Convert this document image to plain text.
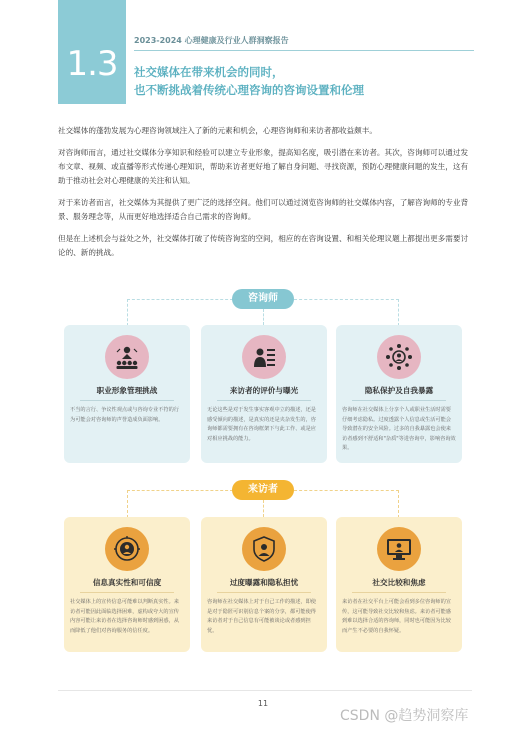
1.3
2023-2024 心理健康及行业人群洞察报告
社交媒体在带来机会的同时，
也不断挑战着传统心理咨询的咨询设置和伦理

社交媒体的蓬勃发展为心理咨询领域注入了新的元素和机会，心理咨询师和来访者都收益颇丰。

对咨询师而言，通过社交媒体分享知识和经验可以建立专业形象，提高知名度，吸引潜在来访者。其次，咨询师可以通过发布文章、视频、或直播等形式传递心理知识，帮助来访者更好地了解自身问题、寻找资源，预防心理健康问题的发生，这有助于推动社会对心理健康的关注和认知。

对于来访者而言，社交媒体为其提供了更广泛的选择空间。他们可以通过浏览咨询师的社交媒体内容，了解咨询师的专业背景、服务理念等，从而更好地选择适合自己需求的咨询师。

但是在上述机会与益处之外，社交媒体打破了传统咨询室的空间，相应的在咨询设置、和相关伦理议题上都提出更多需要讨论的、新的挑战。

咨询师
职业形象管理挑战
不当的言行、争议性观点或与咨询专业不符的行为可能会对咨询师的声誉造成负面影响。
来访者的评价与曝光
无论这些是对于发生事实客观中立的描述，还是感受倾向的描述，是真实的还是夹杂发生的，咨询师都需要拥有在咨询框架下与此工作、或是应对相应挑战的能力。
隐私保护及自我暴露
咨询师在社交媒体上分享个人或职业生活时需要仔细考虑隐私。过度透露个人信息或生活可能会导致潜在的安全风险。过多的自我暴露也会使来访者感到不舒适和"杂质"等进咨询中，影响咨询效果。
来访者
信息真实性和可信度
社交媒体上的宣传信息可能难以判断真实性。来访者可能因此面临选择困难，虚构或夸大的宣传内容可能让来访者在选择咨询师时感到困惑，从而降低了他们对咨询服务的信任度。
过度曝露和隐私担忧
咨询师在社交媒体上对于自己工作的描述，即使是对于隐匿可识别信息个案的分享，都可能使得来访者对于自己信息有可能被谈论或者感到担忧。
社交比较和焦虑
来访者在社交平台上可能会看到多位咨询师的宣传，这可能导致社交比较和焦虑。来访者可能感到难以选择合适的咨询师，同时也可能因为比较而产生不必要的自我怀疑。
11
CSDN @趋势洞察库
